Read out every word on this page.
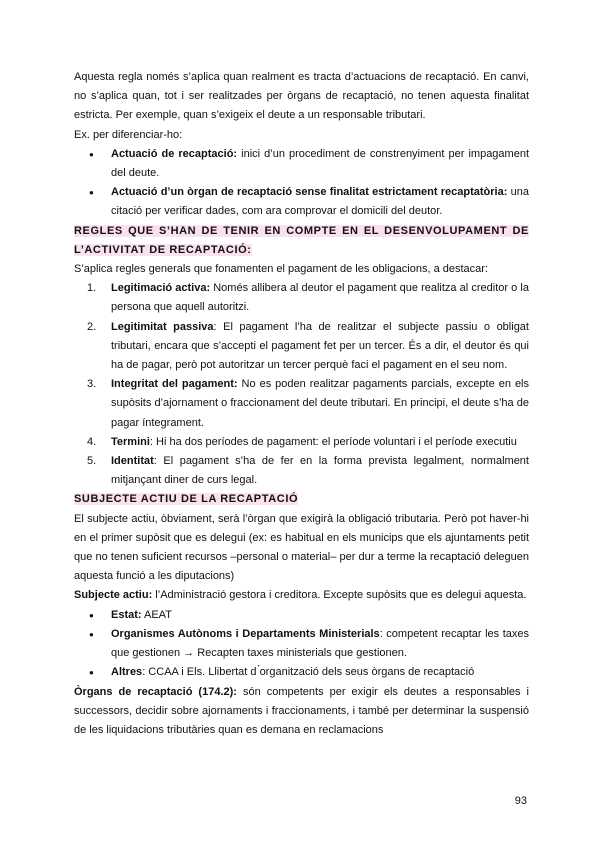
Aquesta regla només s’aplica quan realment es tracta d’actuacions de recaptació. En canvi, no s’aplica quan, tot i ser realitzades per òrgans de recaptació, no tenen aquesta finalitat estricta. Per exemple, quan s’exigeix el deute a un responsable tributari.

Ex. per diferenciar-ho:

● Actuació de recaptació: inici d’un procediment de constrenyiment per impagament del deute.
● Actuació d’un òrgan de recaptació sense finalitat estrictament recaptatòria: una citació per verificar dades, com ara comprovar el domicili del deutor.

REGLES QUE S’HAN DE TENIR EN COMPTE EN EL DESENVOLUPAMENT DE L’ACTIVITAT DE RECAPTACIÓ:

S’aplica regles generals que fonamenten el pagament de les obligacions, a destacar:

1. Legitimació activa: Només allibera al deutor el pagament que realitza al creditor o la persona que aquell autoritzi.
2. Legitimitat passiva: El pagament l’ha de realitzar el subjecte passiu o obligat tributari, encara que s’accepti el pagament fet per un tercer. És a dir, el deutor és qui ha de pagar, però pot autoritzar un tercer perquè faci el pagament en el seu nom.
3. Integritat del pagament: No es poden realitzar pagaments parcials, excepte en els supòsits d’ajornament o fraccionament del deute tributari. En principi, el deute s’ha de pagar íntegrament.
4. Termini: Hi ha dos períodes de pagament: el període voluntari i el període executiu
5. Identitat: El pagament s’ha de fer en la forma prevista legalment, normalment mitjançant diner de curs legal.

SUBJECTE ACTIU DE LA RECAPTACIÓ

El subjecte actiu, òbviament, serà l’òrgan que exigirà la obligació tributaria. Però pot haver-hi en el primer supòsit que es delegui (ex: es habitual en els municips que els ajuntaments petit que no tenen suficient recursos –personal o material– per dur a terme la recaptació deleguen aquesta funció a les diputacions)

Subjecte actiu: l’Administració gestora i creditora. Excepte supòsits que es delegui aquesta.

● Estat: AEAT
● Organismes Autònoms i Departaments Ministerials: competent recaptar les taxes que gestionen → Recapten taxes ministerials que gestionen.
● Altres: CCAA i Els. Llibertat d ́organització dels seus òrgans de recaptació

Òrgans de recaptació (174.2): són competents per exigir els deutes a responsables i successors, decidir sobre ajornaments i fraccionaments, i també per determinar la suspensió de les liquidacions tributàries quan es demana en reclamacions

93
